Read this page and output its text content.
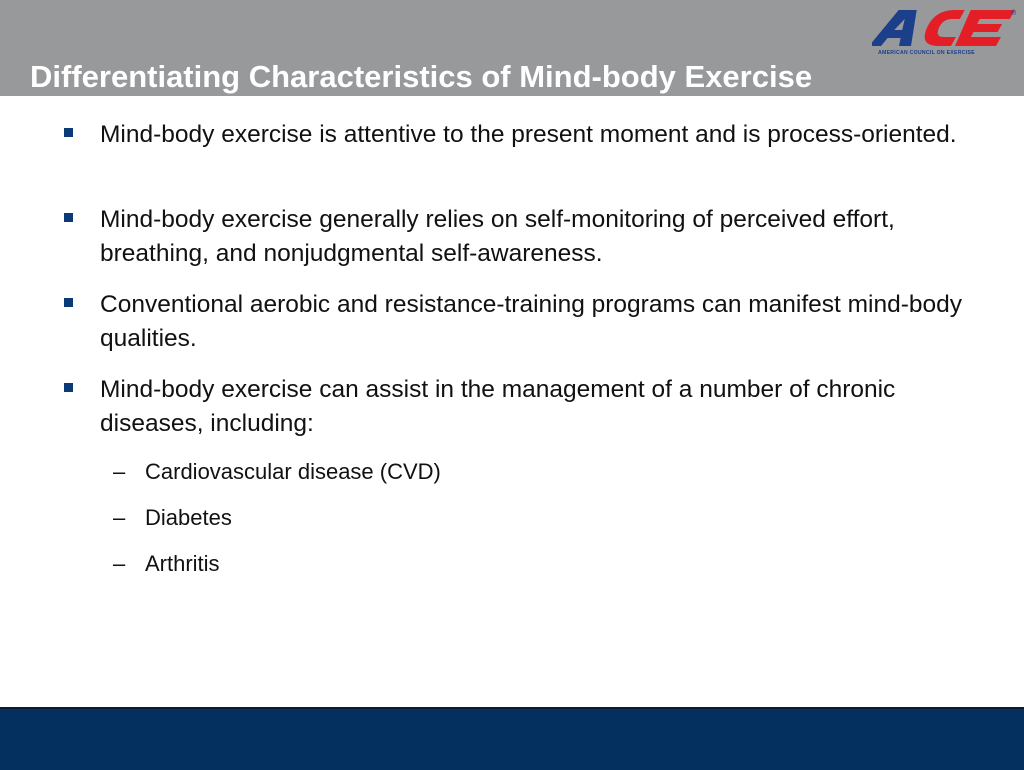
®
AMERICAN COUNCIL ON EXERCISE
Differentiating Characteristics of Mind-body Exercise

Mind-body exercise is attentive to the present moment and is process-oriented.

Mind-body exercise generally relies on self-monitoring of perceived effort, breathing, and nonjudgmental self-awareness.

Conventional aerobic and resistance-training programs can manifest mind-body qualities.

Mind-body exercise can assist in the management of a number of chronic diseases, including:

– Cardiovascular disease (CVD)

– Diabetes

– Arthritis
